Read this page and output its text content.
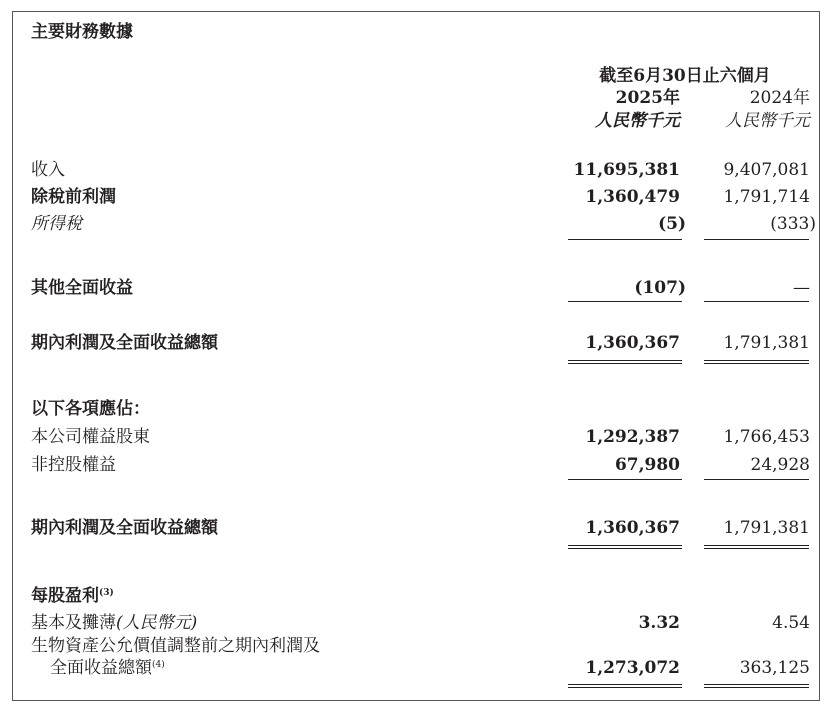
主要財務數據
截至6月30日止六個月
2025年	2024年
人民幣千元	人民幣千元
收入	11,695,381	9,407,081
除稅前利潤	1,360,479	1,791,714
所得稅	(5)	(333)
其他全面收益	(107)	—
期內利潤及全面收益總額	1,360,367	1,791,381
以下各項應佔：
本公司權益股東	1,292,387	1,766,453
非控股權益	67,980	24,928
期內利潤及全面收益總額	1,360,367	1,791,381
每股盈利$^{(3)}$
基本及攤薄(人民幣元)	3.32	4.54
生物資產公允價值調整前之期內利潤及
全面收益總額$^{(4)}$	1,273,072	363,125
